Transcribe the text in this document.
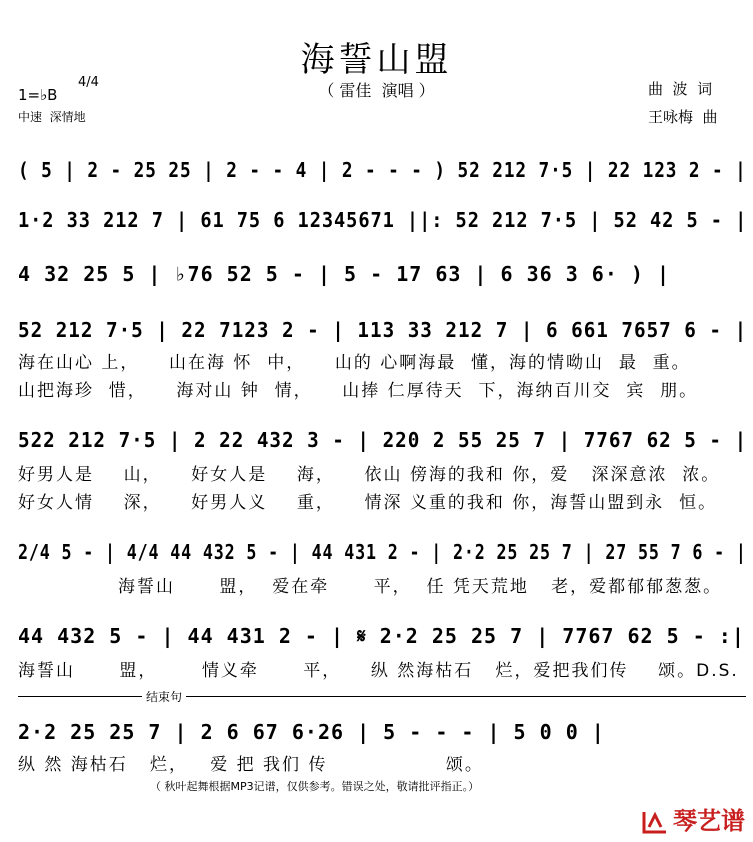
海誓山盟
（ 雷佳  演唱 ）
1=♭B
4/4
中速  深情地
曲  波  词
王咏梅  曲
( 5 | 2 - 25 25 | 2 - - 4 | 2 - - - ) 52 212 7·5 | 22 123 2 - |
1·2 33 212 7 | 61 75 6 12345671 ||: 52 212 7·5 | 52 42 5 - |
4 32 25 5 | ♭76 52 5 - | 5 - 17 63 | 6 36 3 6· ) |
52 212 7·5 | 22 7123 2 - | 113 33 212 7 | 6 661 7657 6 - |
海在山心 上，    山在海 怀  中，    山的 心啊海最  懂，海的情呦山  最  重。
山把海珍  惜，    海对山 钟  情，    山捧 仁厚待天  下，海纳百川交  宾  朋。
522 212 7·5 | 2 22 432 3 - | 220 2 55 25 7 | 7767 62 5 - |
好男人是    山，    好女人是    海，    依山 傍海的我和 你，爱   深深意浓  浓。
好女人情    深，    好男人义    重，    情深 义重的我和 你，海誓山盟到永  恒。
2/4 5 - | 4/4 44 432 5 - | 44 431 2 - | 2·2 25 25 7 | 27 55 7 6 - |
海誓山      盟，  爱在牵      平，  任 凭天荒地   老，爱都郁郁葱葱。
44 432 5 - | 44 431 2 - | 𝄋 2·2 25 25 7 | 7767 62 5 - :|
海誓山      盟，      情义牵      平，    纵 然海枯石   烂，爱把我们传    颂。D.S.
结束句
2·2 25 25 7 | 2 6 67 6·26 | 5 - - - | 5 0 0 |
纵 然 海枯石   烂，   爱 把 我们 传                颂。
（ 秋叶起舞根据MP3记谱，仅供参考。错误之处，敬请批评指正。）

琴艺谱
